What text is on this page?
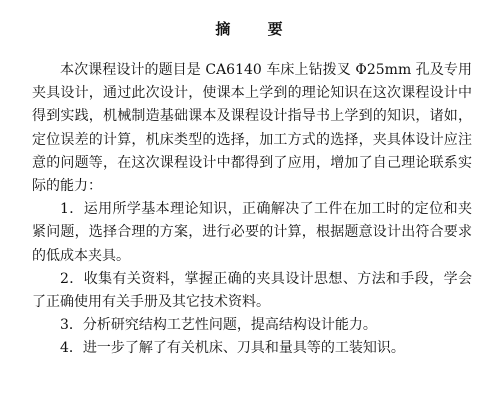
摘 要

本次课程设计的题目是 CA6140 车床上钻拨叉 Φ25mm 孔及专用夹具设计，通过此次设计，使课本上学到的理论知识在这次课程设计中得到实践，机械制造基础课本及课程设计指导书上学到的知识，诸如，定位误差的计算，机床类型的选择，加工方式的选择，夹具体设计应注意的问题等，在这次课程设计中都得到了应用，增加了自己理论联系实际的能力：

1．运用所学基本理论知识，正确解决了工件在加工时的定位和夹紧问题，选择合理的方案，进行必要的计算，根据题意设计出符合要求的低成本夹具。

2．收集有关资料，掌握正确的夹具设计思想、方法和手段，学会了正确使用有关手册及其它技术资料。

3．分析研究结构工艺性问题，提高结构设计能力。

4．进一步了解了有关机床、刀具和量具等的工装知识。
